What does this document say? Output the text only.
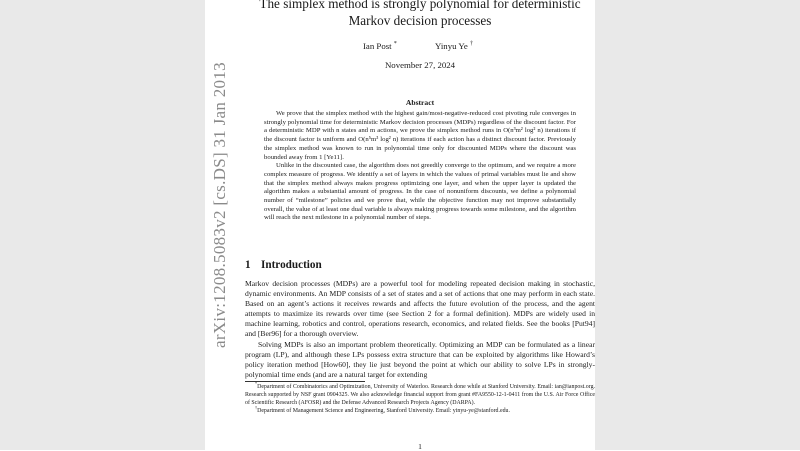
arXiv:1208.5083v2 [cs.DS] 31 Jan 2013
The simplex method is strongly polynomial for deterministic Markov decision processes
Ian Post *	Yinyu Ye †
November 27, 2024
Abstract

We prove that the simplex method with the highest gain/most-negative-reduced cost pivoting rule converges in strongly polynomial time for deterministic Markov decision processes (MDPs) regardless of the discount factor. For a deterministic MDP with n states and m actions, we prove the simplex method runs in O(n³m² log² n) iterations if the discount factor is uniform and O(n⁵m³ log² n) iterations if each action has a distinct discount factor. Previously the simplex method was known to run in polynomial time only for discounted MDPs where the discount was bounded away from 1 [Ye11].

Unlike in the discounted case, the algorithm does not greedily converge to the optimum, and we require a more complex measure of progress. We identify a set of layers in which the values of primal variables must lie and show that the simplex method always makes progress optimizing one layer, and when the upper layer is updated the algorithm makes a substantial amount of progress. In the case of nonuniform discounts, we define a polynomial number of “milestone” policies and we prove that, while the objective function may not improve substantially overall, the value of at least one dual variable is always making progress towards some milestone, and the algorithm will reach the next milestone in a polynomial number of steps.

1 Introduction

Markov decision processes (MDPs) are a powerful tool for modeling repeated decision making in stochastic, dynamic environments. An MDP consists of a set of states and a set of actions that one may perform in each state. Based on an agent’s actions it receives rewards and affects the future evolution of the process, and the agent attempts to maximize its rewards over time (see Section 2 for a formal definition). MDPs are widely used in machine learning, robotics and control, operations research, economics, and related fields. See the books [Put94] and [Ber96] for a thorough overview.

Solving MDPs is also an important problem theoretically. Optimizing an MDP can be formulated as a linear program (LP), and although these LPs possess extra structure that can be exploited by algorithms like Howard’s policy iteration method [How60], they lie just beyond the point at which our ability to solve LPs in strongly-polynomial time ends (and are a natural target for extending

*Department of Combinatorics and Optimization, University of Waterloo. Research done while at Stanford University. Email: ian@ianpost.org. Research supported by NSF grant 0904325. We also acknowledge financial support from grant #FA9550-12-1-0411 from the U.S. Air Force Office of Scientific Research (AFOSR) and the Defense Advanced Research Projects Agency (DARPA).

†Department of Management Science and Engineering, Stanford University. Email: yinyu-ye@stanford.edu.

1
